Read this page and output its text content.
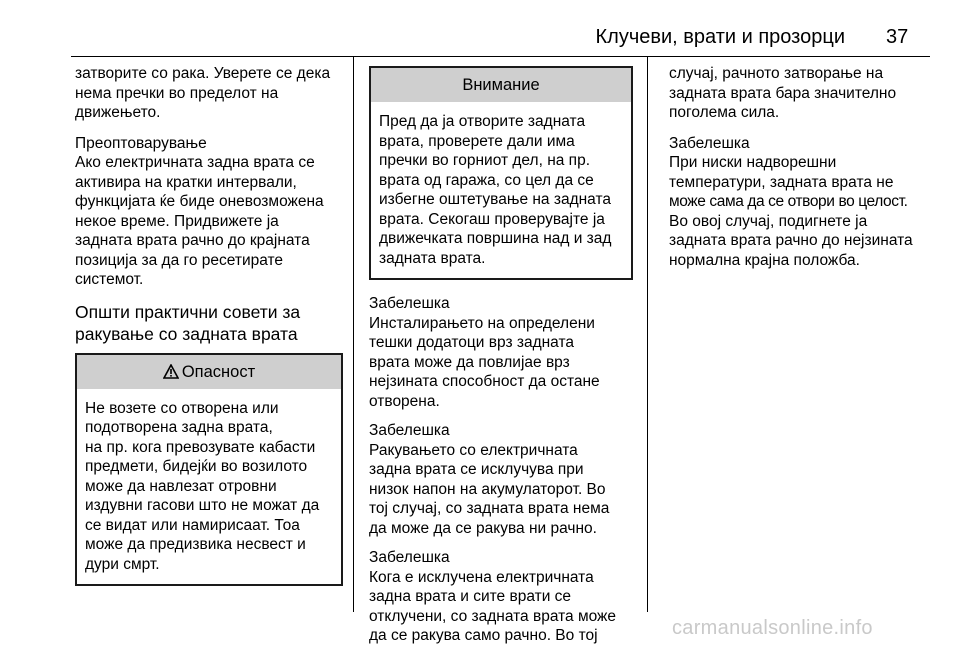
Клучеви, врати и прозорци 37

затворите со рака. Уверете се дека
нема пречки во пределот на
движењето.

Преоптоварување
Ако електричната задна врата се
активира на кратки интервали,
функцијата ќе биде оневозможена
некое време. Придвижете ја
задната врата рачно до крајната
позиција за да го ресетирате
системот.

Општи практични совети за
ракување со задната врата
Опасност
Не возете со отворена или
подотворена задна врата,
на пр. кога превозувате кабасти
предмети, бидејќи во возилото
може да навлезат отровни
издувни гасови што не можат да
се видат или намирисаат. Тоа
може да предизвика несвест и
дури смрт.
Внимание
Пред да ја отворите задната
врата, проверете дали има
пречки во горниот дел, на пр.
врата од гаража, со цел да се
избегне оштетување на задната
врата. Секогаш проверувајте ја
движечката површина над и зад
задната врата.
Забелешка
Инсталирањето на определени
тешки додатоци врз задната
врата може да повлијае врз
нејзината способност да остане
отворена.
Забелешка
Ракувањето со електричната
задна врата се исклучува при
низок напон на акумулаторот. Во
тој случај, со задната врата нема
да може да се ракува ни рачно.
Забелешка
Кога е исклучена електричната
задна врата и сите врати се
отклучени, со задната врата може
да се ракува само рачно. Во тој

случај, рачното затворање на
задната врата бара значително
поголема сила.

Забелешка
При ниски надворешни
температури, задната врата не
може сама да се отвори во целост.
Во овој случај, подигнете ја
задната врата рачно до нејзината
нормална крајна положба.
carmanualsonline.info
